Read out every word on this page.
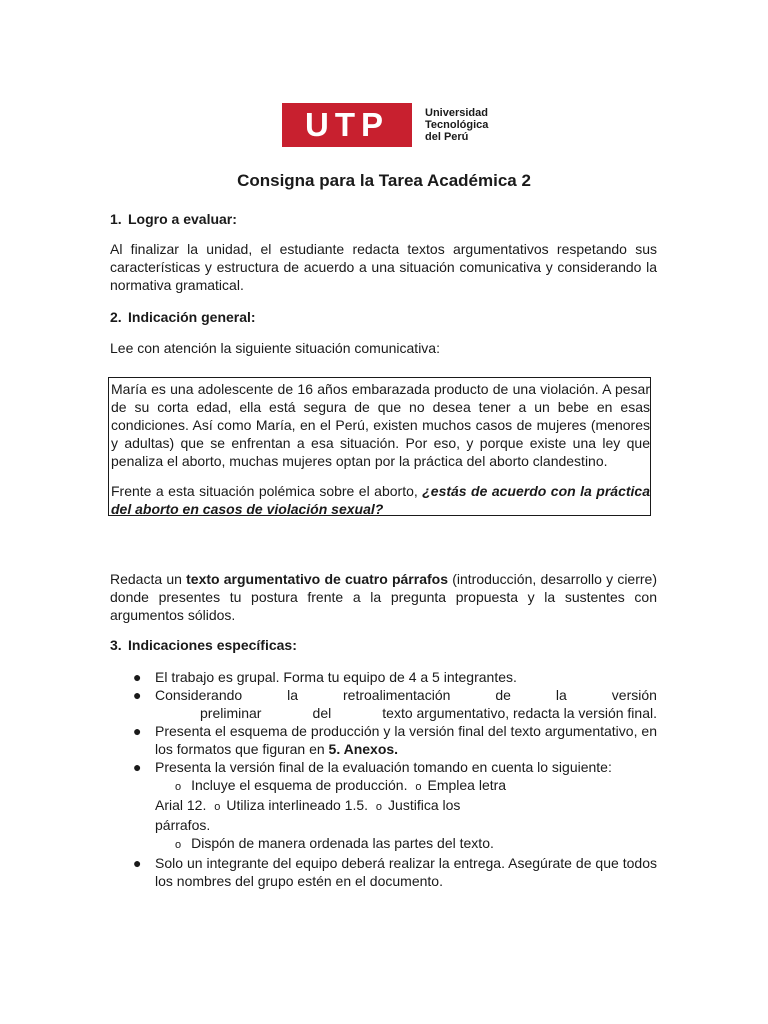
UTP	Universidad
Tecnológica
del Perú
Consigna para la Tarea Académica 2
1. Logro a evaluar:
Al finalizar la unidad, el estudiante redacta textos argumentativos respetando sus características y estructura de acuerdo a una situación comunicativa y considerando la normativa gramatical.
2. Indicación general:
Lee con atención la siguiente situación comunicativa:
María es una adolescente de 16 años embarazada producto de una violación. A pesar de su corta edad, ella está segura de que no desea tener a un bebe en esas condiciones. Así como María, en el Perú, existen muchos casos de mujeres (menores y adultas) que se enfrentan a esa situación. Por eso, y porque existe una ley que penaliza el aborto, muchas mujeres optan por la práctica del aborto clandestino.
Frente a esta situación polémica sobre el aborto, ¿estás de acuerdo con la práctica del aborto en casos de violación sexual?
Redacta un texto argumentativo de cuatro párrafos (introducción, desarrollo y cierre) donde presentes tu postura frente a la pregunta propuesta y la sustentes con argumentos sólidos.
3. Indicaciones específicas:
● El trabajo es grupal. Forma tu equipo de 4 a 5 integrantes.
● Considerando	la	retroalimentación	de	la	versión
preliminar	del	texto argumentativo, redacta la versión final.
● Presenta el esquema de producción y la versión final del texto argumentativo, en los formatos que figuran en 5. Anexos.
● Presenta la versión final de la evaluación tomando en cuenta lo siguiente:
o Incluye el esquema de producción. o Emplea letra
Arial 12. o Utiliza interlineado 1.5. o Justifica los
párrafos.
o Dispón de manera ordenada las partes del texto.
● Solo un integrante del equipo deberá realizar la entrega. Asegúrate de que todos los nombres del grupo estén en el documento.
